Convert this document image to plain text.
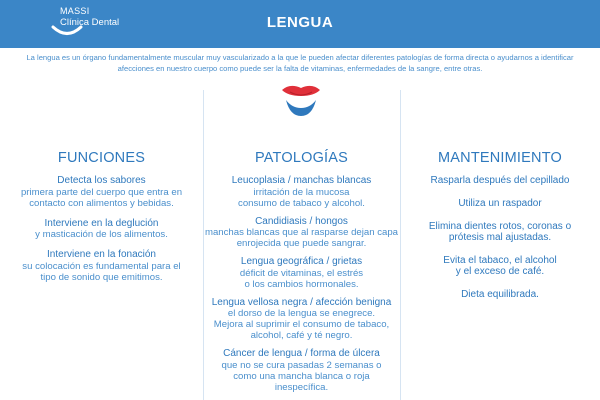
MASSI
Clínica Dental	LENGUA
La lengua es un órgano fundamentalmente muscular muy vascularizado a la que le pueden afectar diferentes patologías de forma directa o ayudarnos a identificar afecciones en nuestro cuerpo como puede ser la falta de vitaminas, enfermedades de la sangre, entre otras.
FUNCIONES
Detecta los sabores
primera parte del cuerpo que entra en contacto con alimentos y bebidas.
Interviene en la deglución
y masticación de los alimentos.
Interviene en la fonación
su colocación es fundamental para el tipo de sonido que emitimos.
PATOLOGÍAS
Leucoplasia / manchas blancas
irritación de la mucosa consumo de tabaco y alcohol.
Candidiasis / hongos
manchas blancas que al rasparse dejan capa enrojecida que puede sangrar.
Lengua geográfica / grietas
déficit de vitaminas, el estrés o los cambios hormonales.
Lengua vellosa negra / afección benigna
el dorso de la lengua se enegrece. Mejora al suprimir el consumo de tabaco, alcohol, café y té negro.
Cáncer de lengua / forma de úlcera
que no se cura pasadas 2 semanas o como una mancha blanca o roja inespecífica.
MANTENIMIENTO
Rasparla después del cepillado
Utiliza un raspador
Elimina dientes rotos, coronas o prótesis mal ajustadas.
Evita el tabaco, el alcohol y el exceso de café.
Dieta equilibrada.
